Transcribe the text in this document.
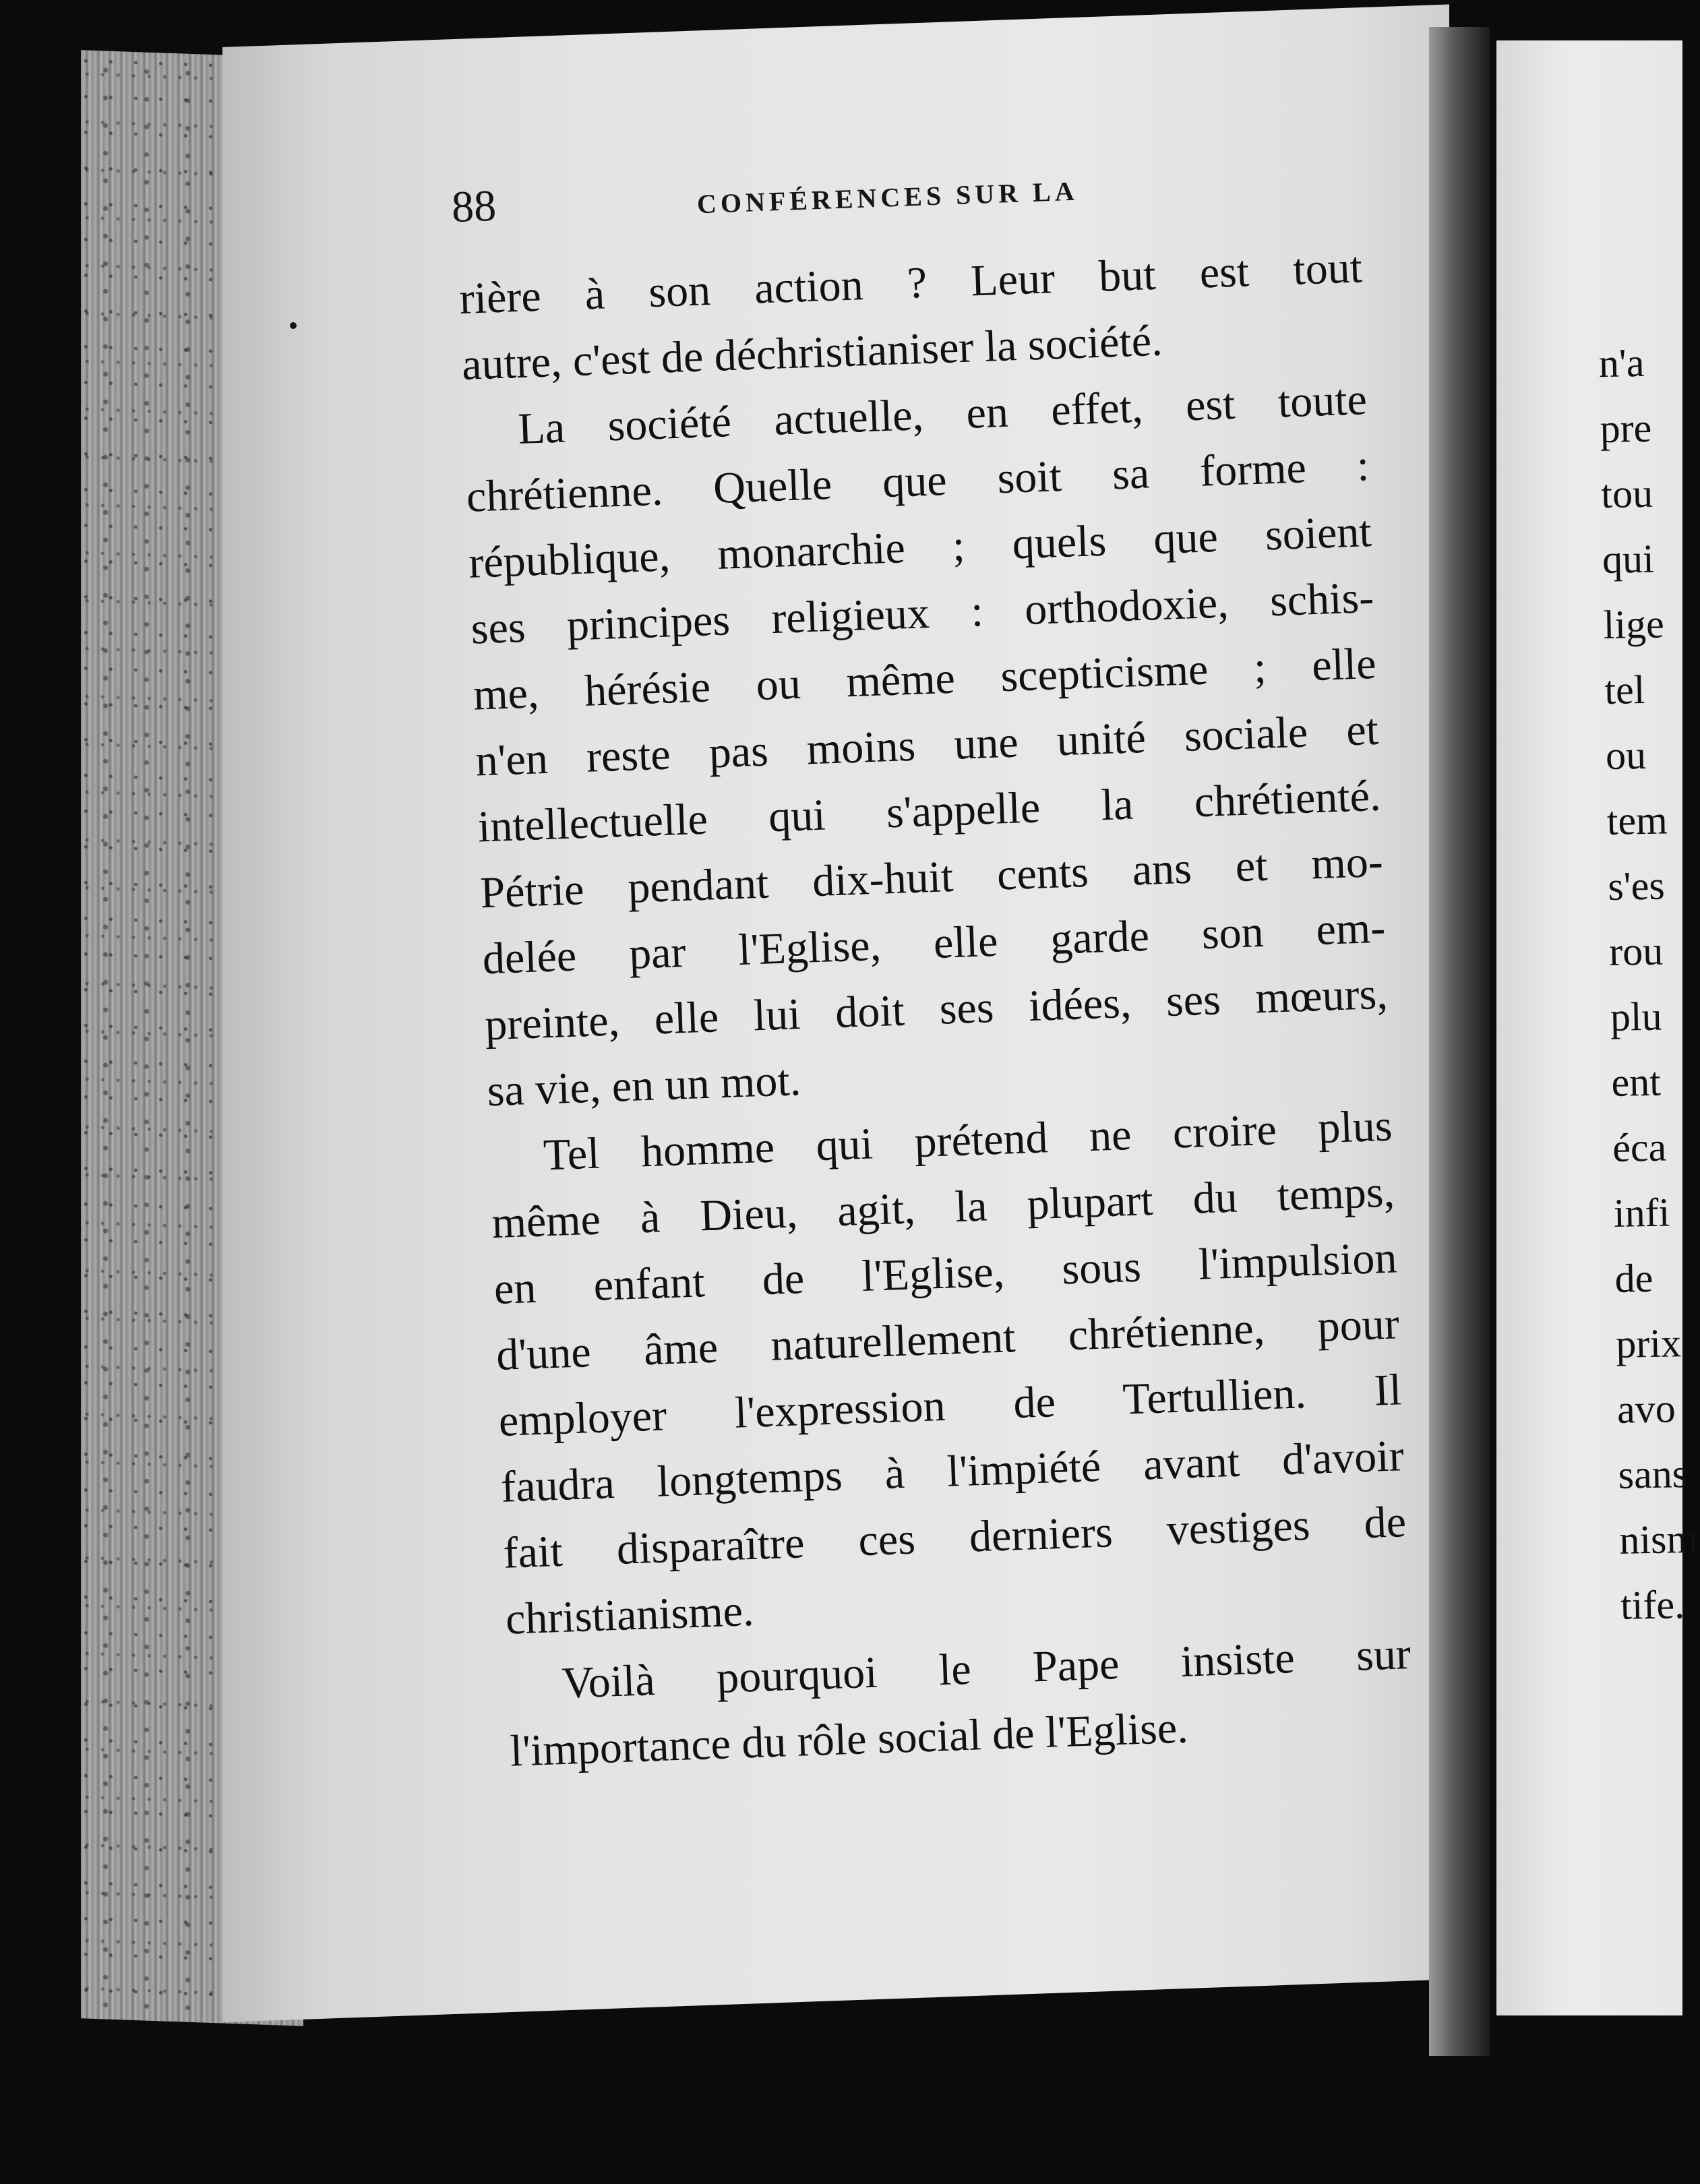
88	CONFÉRENCES SUR LA
rière à son action ? Leur but est tout
autre, c'est de déchristianiser la société.
La société actuelle, en effet, est toute
chrétienne. Quelle que soit sa forme :
république, monarchie ; quels que soient
ses principes religieux : orthodoxie, schis-
me, hérésie ou même scepticisme ; elle
n'en reste pas moins une unité sociale et
intellectuelle qui s'appelle la chrétienté.
Pétrie pendant dix-huit cents ans et mo-
delée par l'Eglise, elle garde son em-
preinte, elle lui doit ses idées, ses mœurs,
sa vie, en un mot.
Tel homme qui prétend ne croire plus
même à Dieu, agit, la plupart du temps,
en enfant de l'Eglise, sous l'impulsion
d'une âme naturellement chrétienne, pour
employer l'expression de Tertullien. Il
faudra longtemps à l'impiété avant d'avoir
fait disparaître ces derniers vestiges de
christianisme.
Voilà pourquoi le Pape insiste sur
l'importance du rôle social de l'Eglise.
n'a
pre
tou
qui
lige
tel
ou
tem
s'es
rou
plu
ent
éca
infi
de
prix
avo
sans
nism
tife.
